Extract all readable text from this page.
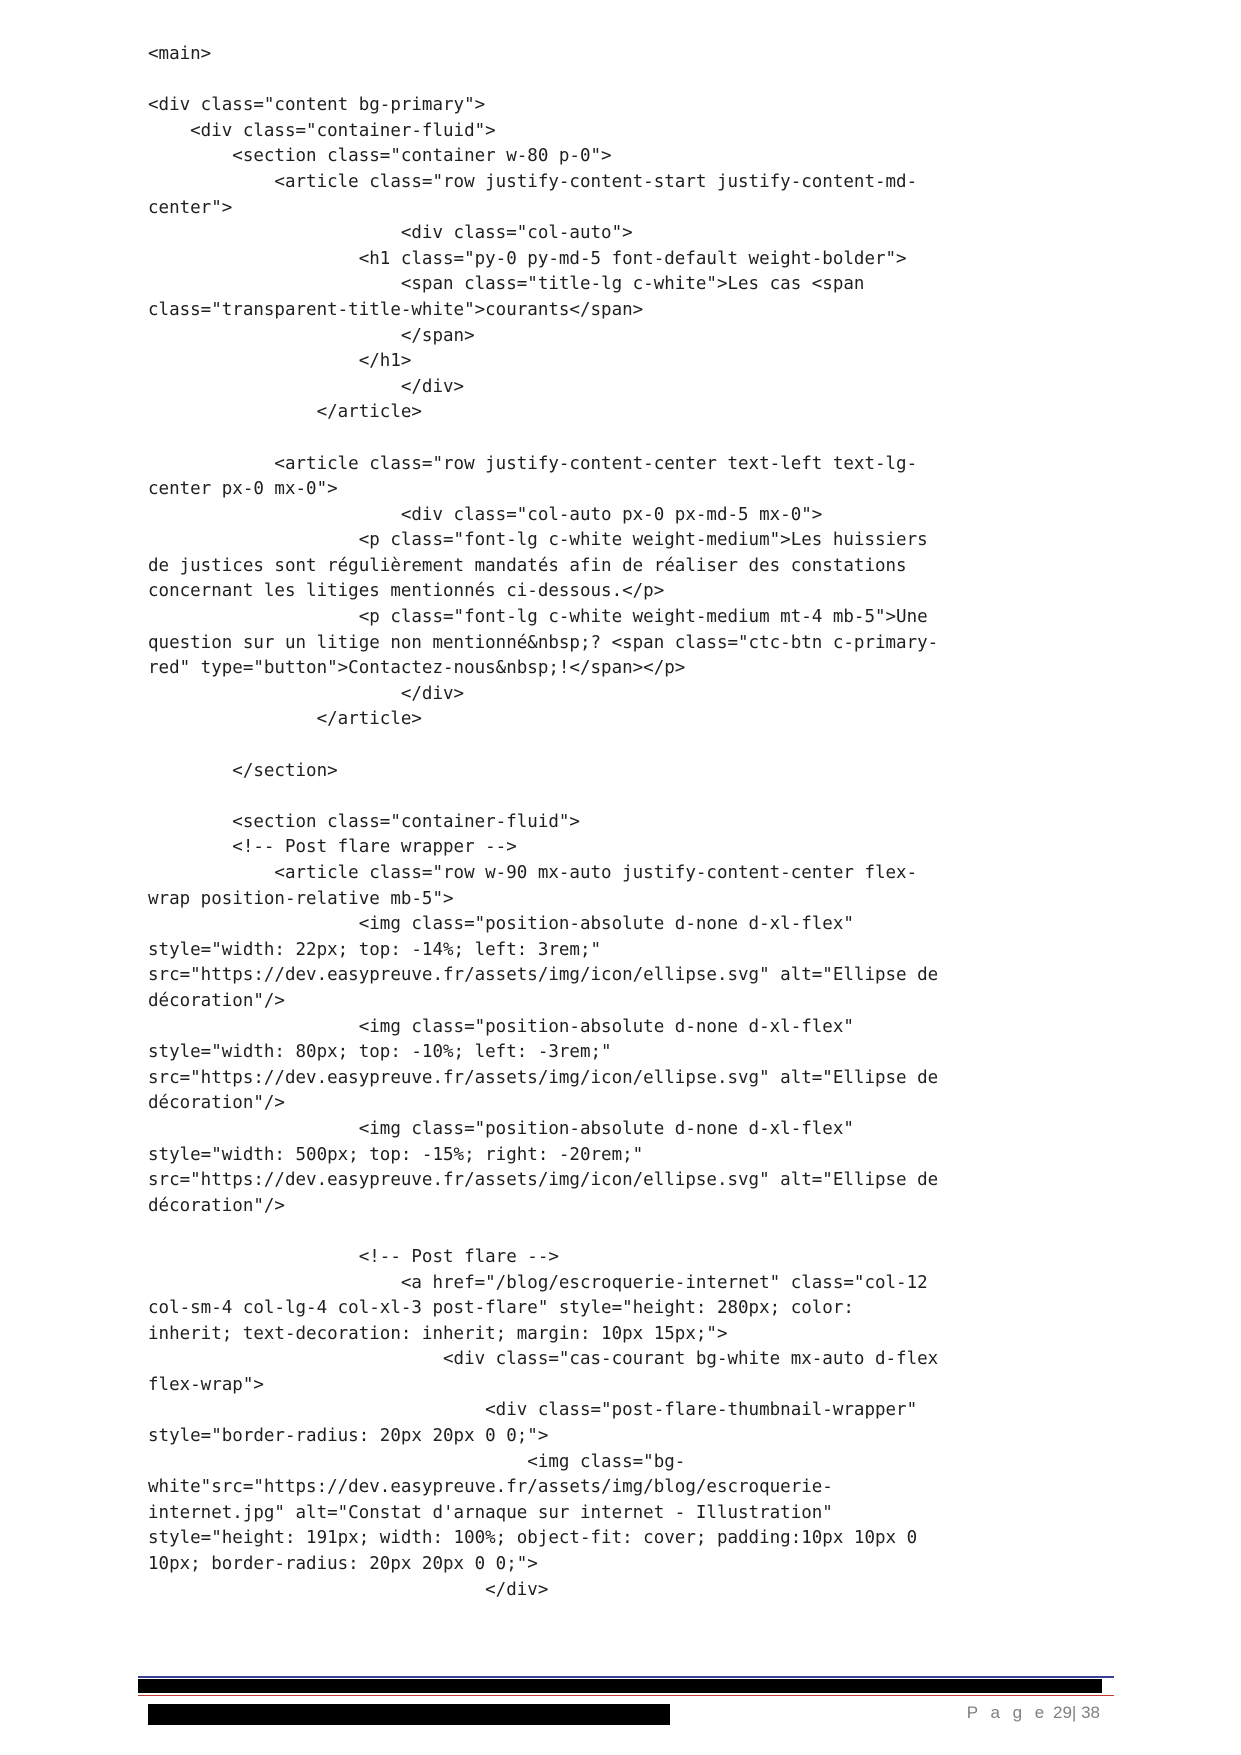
<main>
<div class="content bg-primary">
<div class="container-fluid">
<section class="container w-80 p-0">
<article class="row justify-content-start justify-content-md-
center">
<div class="col-auto">
<h1 class="py-0 py-md-5 font-default weight-bolder">
<span class="title-lg c-white">Les cas <span
class="transparent-title-white">courants</span>
</span>
</h1>
</div>
</article>
<article class="row justify-content-center text-left text-lg-
center px-0 mx-0">
<div class="col-auto px-0 px-md-5 mx-0">
<p class="font-lg c-white weight-medium">Les huissiers
de justices sont régulièrement mandatés afin de réaliser des constations
concernant les litiges mentionnés ci-dessous.</p>
<p class="font-lg c-white weight-medium mt-4 mb-5">Une
question sur un litige non mentionné&nbsp;? <span class="ctc-btn c-primary-
red" type="button">Contactez-nous&nbsp;!</span></p>
</div>
</article>
</section>
<section class="container-fluid">
<!-- Post flare wrapper -->
<article class="row w-90 mx-auto justify-content-center flex-
wrap position-relative mb-5">
<img class="position-absolute d-none d-xl-flex"
style="width: 22px; top: -14%; left: 3rem;"
src="https://dev.easypreuve.fr/assets/img/icon/ellipse.svg" alt="Ellipse de
décoration"/>
<img class="position-absolute d-none d-xl-flex"
style="width: 80px; top: -10%; left: -3rem;"
src="https://dev.easypreuve.fr/assets/img/icon/ellipse.svg" alt="Ellipse de
décoration"/>
<img class="position-absolute d-none d-xl-flex"
style="width: 500px; top: -15%; right: -20rem;"
src="https://dev.easypreuve.fr/assets/img/icon/ellipse.svg" alt="Ellipse de
décoration"/>
<!-- Post flare -->
<a href="/blog/escroquerie-internet" class="col-12
col-sm-4 col-lg-4 col-xl-3 post-flare" style="height: 280px; color:
inherit; text-decoration: inherit; margin: 10px 15px;">
<div class="cas-courant bg-white mx-auto d-flex
flex-wrap">
<div class="post-flare-thumbnail-wrapper"
style="border-radius: 20px 20px 0 0;">
<img class="bg-
white"src="https://dev.easypreuve.fr/assets/img/blog/escroquerie-
internet.jpg" alt="Constat d'arnaque sur internet - Illustration"
style="height: 191px; width: 100%; object-fit: cover; padding:10px 10px 0
10px; border-radius: 20px 20px 0 0;">
</div>
P a g e 29| 38
